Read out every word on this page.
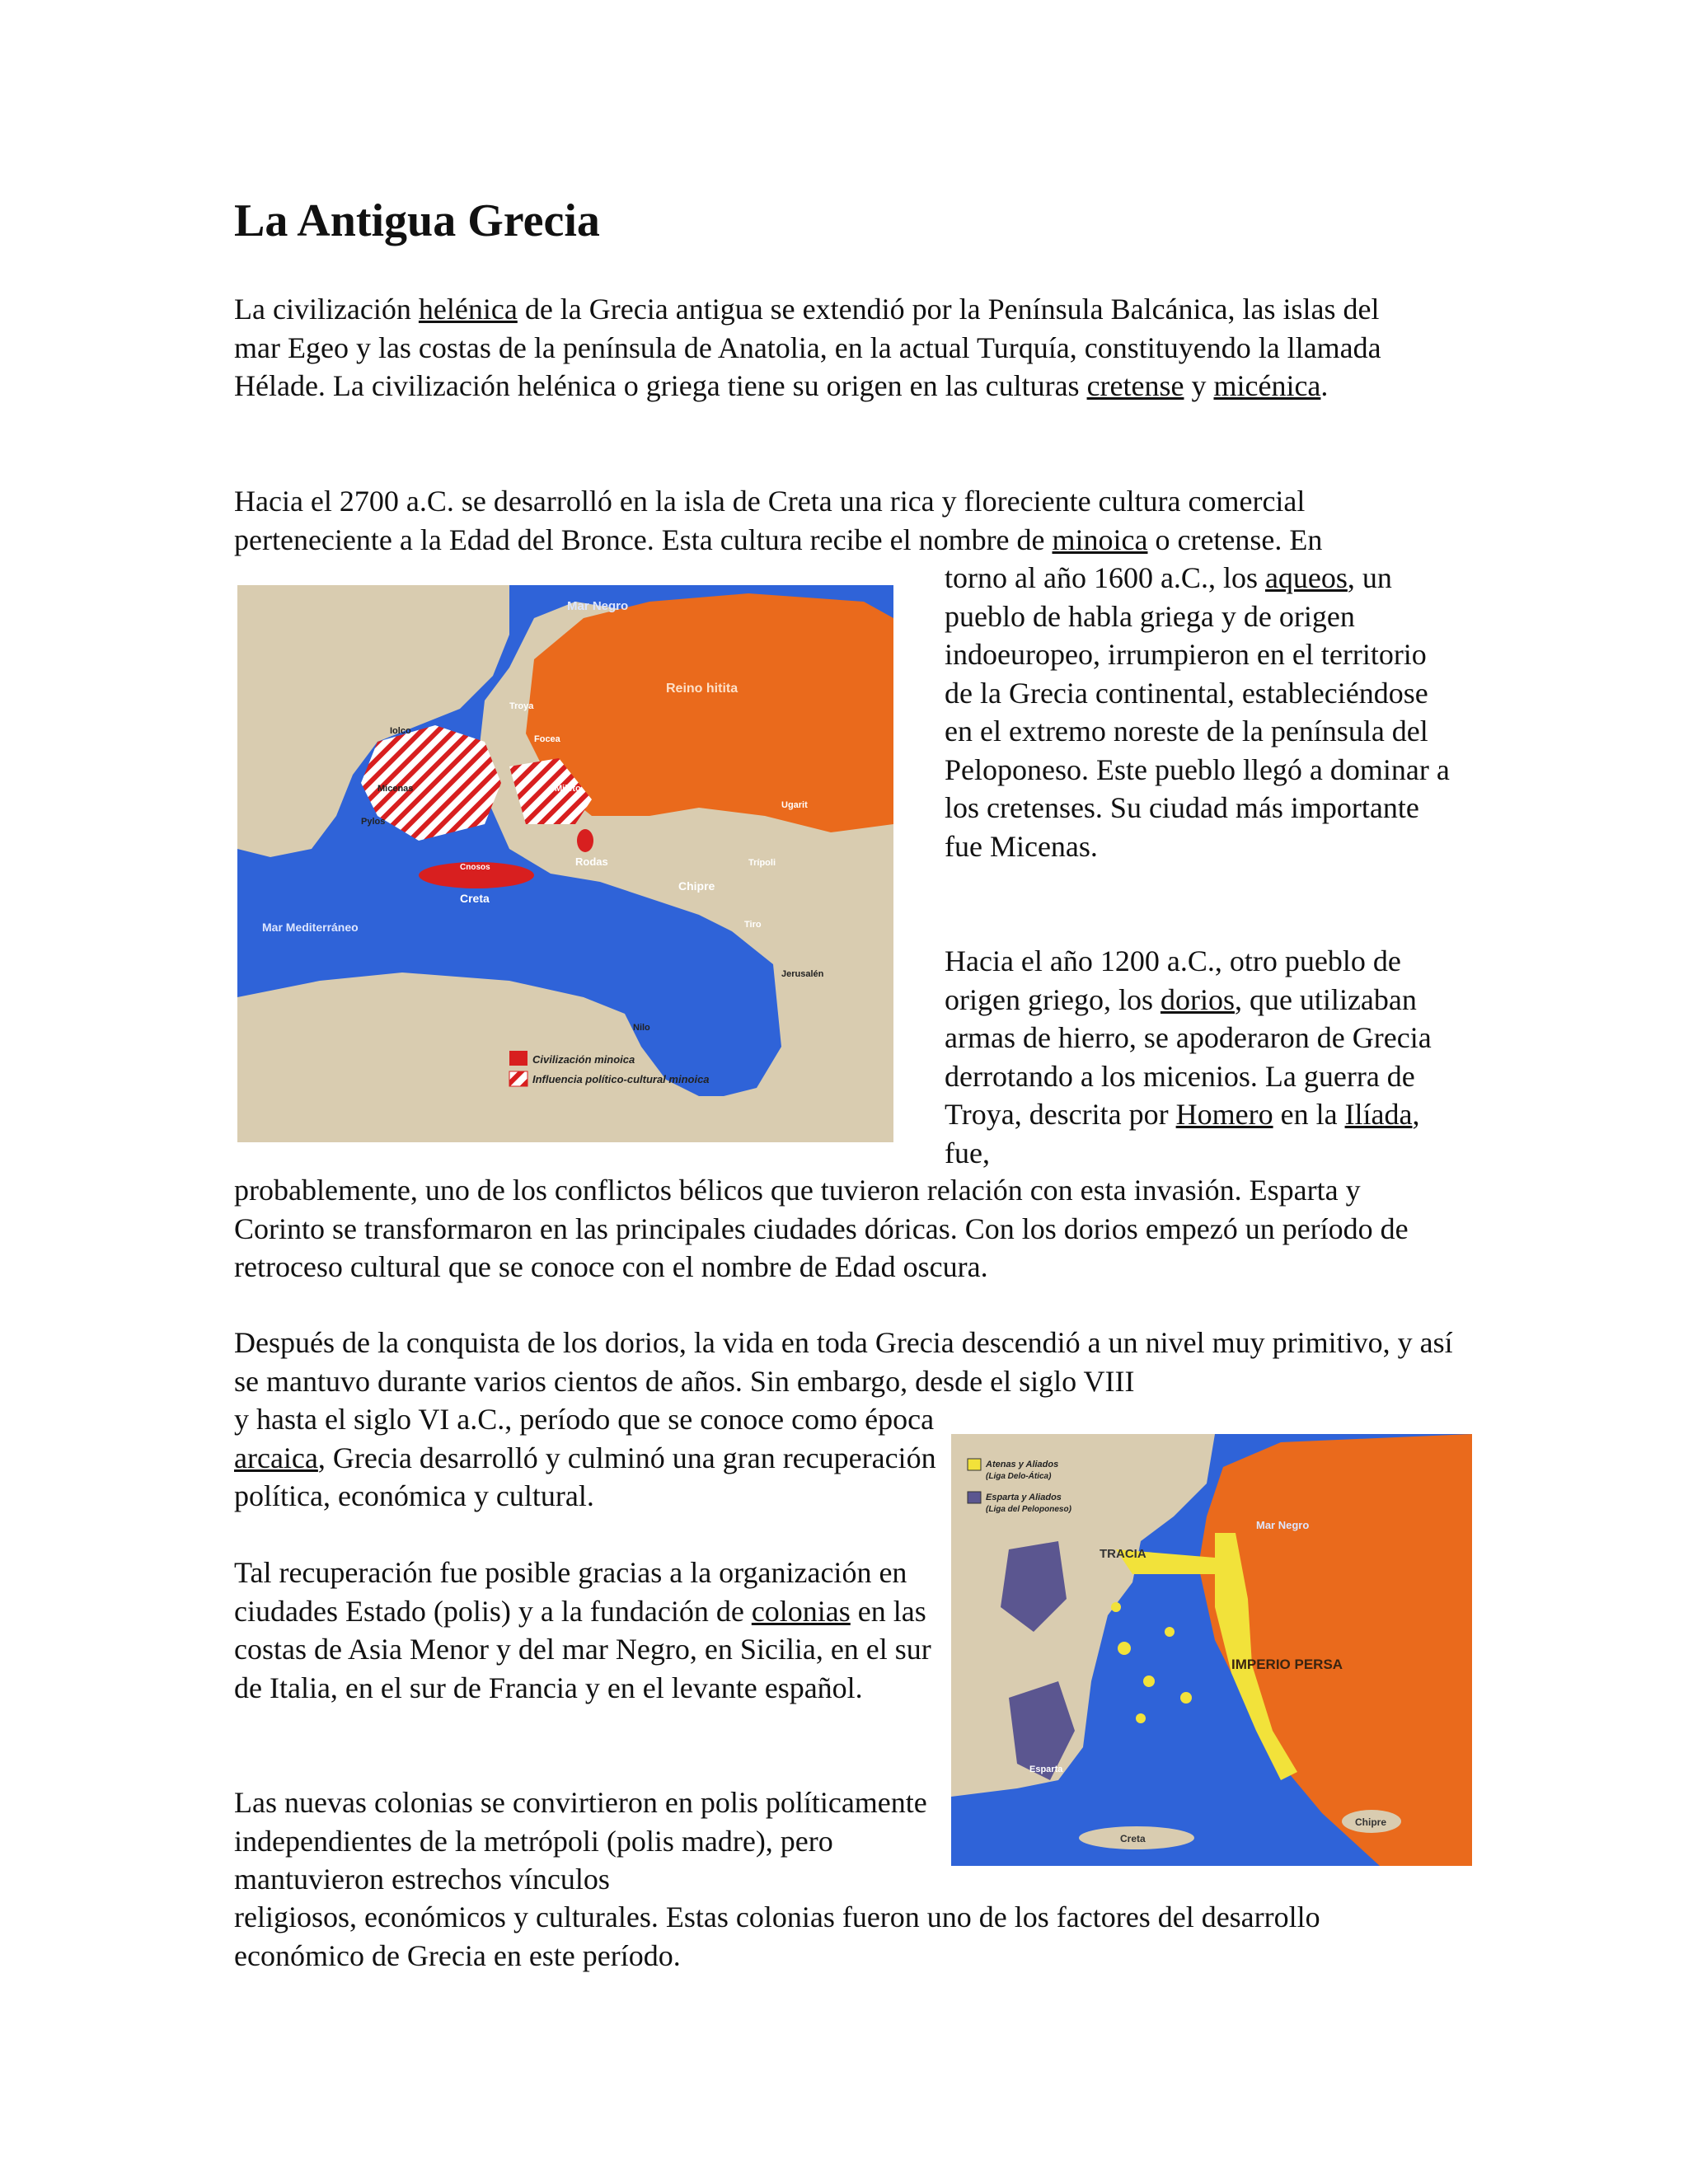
La Antigua Grecia

La civilización helénica de la Grecia antigua se extendió por la Península Balcánica, las islas del mar Egeo y las costas de la península de Anatolia, en la actual Turquía, constituyendo la llamada Hélade. La civilización helénica o griega tiene su origen en las culturas cretense y micénica.

Hacia el 2700 a.C. se desarrolló en la isla de Creta una rica y floreciente cultura comercial perteneciente a la Edad del Bronce. Esta cultura recibe el nombre de minoica o cretense. En

torno al año 1600 a.C., los aqueos, un pueblo de habla griega y de origen indoeuropeo, irrumpieron en el territorio de la Grecia continental, estableciéndose en el extremo noreste de la península del Peloponeso. Este pueblo llegó a dominar a los cretenses. Su ciudad más importante fue Micenas.

Hacia el año 1200 a.C., otro pueblo de origen griego, los dorios, que utilizaban armas de hierro, se apoderaron de Grecia derrotando a los micenios. La guerra de Troya, descrita por Homero en la Ilíada, fue,

probablemente, uno de los conflictos bélicos que tuvieron relación con esta invasión. Esparta y Corinto se transformaron en las principales ciudades dóricas. Con los dorios empezó un período de retroceso cultural que se conoce con el nombre de Edad oscura.

Después de la conquista de los dorios, la vida en toda Grecia descendió a un nivel muy primitivo, y así se mantuvo durante varios cientos de años. Sin embargo, desde el siglo VIII

y hasta el siglo VI a.C., período que se conoce como época arcaica, Grecia desarrolló y culminó una gran recuperación política, económica y cultural.

Tal recuperación fue posible gracias a la organización en ciudades Estado (polis) y a la fundación de colonias en las costas de Asia Menor y del mar Negro, en Sicilia, en el sur de Italia, en el sur de Francia y en el levante español.

Las nuevas colonias se convirtieron en polis políticamente independientes de la metrópoli (polis madre), pero mantuvieron estrechos vínculos

religiosos, económicos y culturales. Estas colonias fueron uno de los factores del desarrollo económico de Grecia en este período.

Mar Negro
Reino hitita
Troya
Focea
Mileto
Ugarit
Rodas
Chipre
Trípoli
Tiro
Jerusalén
Nilo
Micenas
Pylos
Iolco
Cnosos
Creta
Mar Mediterráneo
Civilización minoica
Influencia político-cultural minoica
Atenas y Aliados
(Liga Delo-Ática)
Esparta y Aliados
(Liga del Peloponeso)
TRACIA
Mar Negro
IMPERIO PERSA
Esparta
Creta
Chipre
